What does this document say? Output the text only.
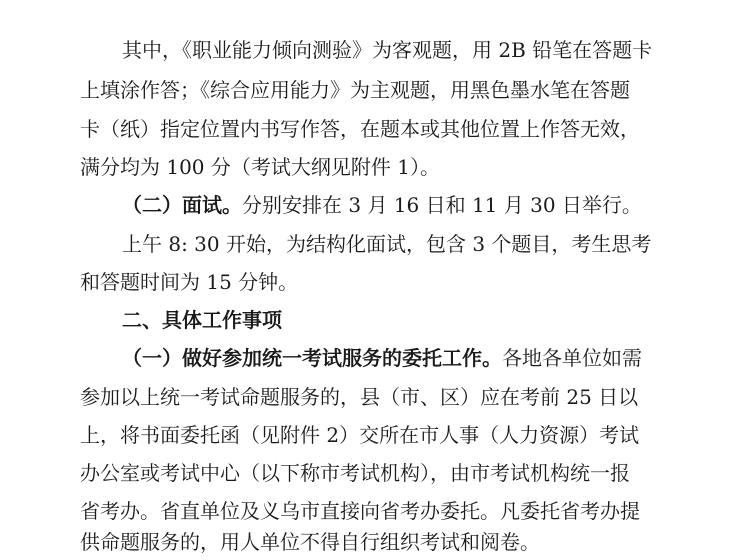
其中，《职业能力倾向测验》为客观题，用 2B 铅笔在答题卡
上填涂作答；《综合应用能力》为主观题，用黑色墨水笔在答题
卡（纸）指定位置内书写作答，在题本或其他位置上作答无效，
满分均为 100 分（考试大纲见附件 1）。
（二）面试。分别安排在 3 月 16 日和 11 月 30 日举行。
上午 8: 30 开始，为结构化面试，包含 3 个题目，考生思考
和答题时间为 15 分钟。
二、具体工作事项
（一）做好参加统一考试服务的委托工作。各地各单位如需
参加以上统一考试命题服务的，县（市、区）应在考前 25 日以
上，将书面委托函（见附件 2）交所在市人事（人力资源）考试
办公室或考试中心（以下称市考试机构），由市考试机构统一报
省考办。省直单位及义乌市直接向省考办委托。凡委托省考办提
供命题服务的，用人单位不得自行组织考试和阅卷。
